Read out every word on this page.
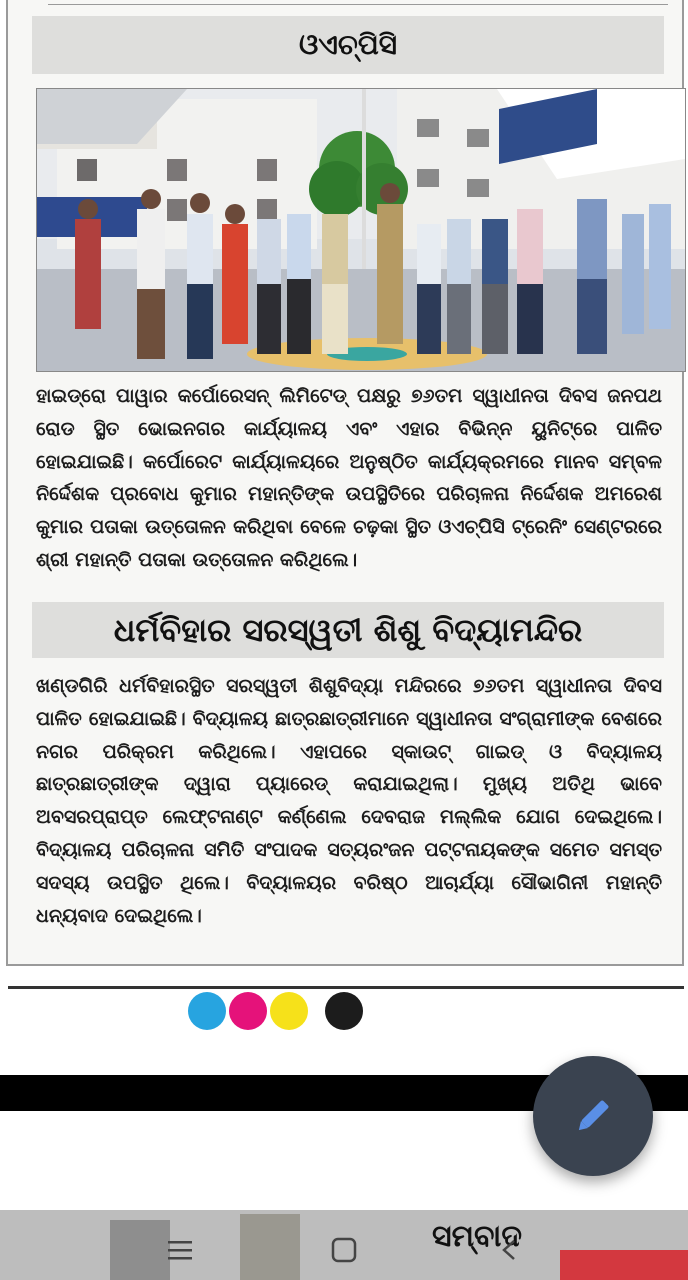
ଓଏଚ୍‌ପିସି

ହାଇଡ୍ରୋ ପାୱାର କର୍ପୋରେସନ୍ ଲିମିଟେଡ୍ ପକ୍ଷରୁ ୭୬ତମ ସ୍ୱାଧୀନତା ଦିବସ ଜନପଥ ରୋଡ ସ୍ଥିତ ଭୋଇନଗର କାର୍ଯ୍ୟାଳୟ ଏବଂ ଏହାର ବିଭିନ୍ନ ୟୁନିଟ୍‌ରେ ପାଳିତ ହୋଇଯାଇଛି। କର୍ପୋରେଟ କାର୍ଯ୍ୟାଳୟରେ ଅନୁଷ୍ଠିତ କାର୍ଯ୍ୟକ୍ରମରେ ମାନବ ସମ୍ବଳ ନିର୍ଦ୍ଦେଶକ ପ୍ରବୋଧ କୁମାର ମହାନ୍ତିଙ୍କ ଉପସ୍ଥିତିରେ ପରିଚାଳନା ନିର୍ଦ୍ଦେଶକ ଅମରେଶ କୁମାର ପତାକା ଉତ୍ତୋଳନ କରିଥିବା ବେଳେ ଚଢ଼କା ସ୍ଥିତ ଓଏଚ୍‌ପିସି ଟ୍ରେନିଂ ସେଣ୍ଟରରେ ଶ୍ରୀ ମହାନ୍ତି ପତାକା ଉତ୍ତୋଳନ କରିଥିଲେ।

ଧର୍ମବିହାର ସରସ୍ୱତୀ ଶିଶୁ ବିଦ୍ୟାମନ୍ଦିର

ଖଣ୍ଡଗିରି ଧର୍ମବିହାରସ୍ଥିତ ସରସ୍ୱତୀ ଶିଶୁବିଦ୍ୟା ମନ୍ଦିରରେ ୭୬ତମ ସ୍ୱାଧୀନତା ଦିବସ ପାଳିତ ହୋଇଯାଇଛି। ବିଦ୍ୟାଳୟ ଛାତ୍ରଛାତ୍ରୀମାନେ ସ୍ୱାଧୀନତା ସଂଗ୍ରାମୀଙ୍କ ବେଶରେ ନଗର ପରିକ୍ରମ କରିଥିଲେ। ଏହାପରେ ସ୍କାଉଟ୍ ଗାଇଡ୍ ଓ ବିଦ୍ୟାଳୟ ଛାତ୍ରଛାତ୍ରୀଙ୍କ ଦ୍ୱାରା ପ୍ୟାରେଡ୍ କରାଯାଇଥିଲା। ମୁଖ୍ୟ ଅତିଥି ଭାବେ ଅବସରପ୍ରାପ୍ତ ଲେଫ୍‌ଟନାଣ୍ଟ କର୍ଣ୍ଣେଲ ଦେବରାଜ ମଲ୍ଲିକ ଯୋଗ ଦେଇଥିଲେ। ବିଦ୍ୟାଳୟ ପରିଚାଳନା ସମିତି ସଂପାଦକ ସତ୍ୟରଂଜନ ପଟ୍ଟନାୟକଙ୍କ ସମେତ ସମସ୍ତ ସଦସ୍ୟ ଉପସ୍ଥିତ ଥିଲେ। ବିଦ୍ୟାଳୟର ବରିଷ୍ଠ ଆଚାର୍ଯ୍ୟା ସୌଭାଗିନୀ ମହାନ୍ତି ଧନ୍ୟବାଦ ଦେଇଥିଲେ।

ସମ୍ବାଦ
